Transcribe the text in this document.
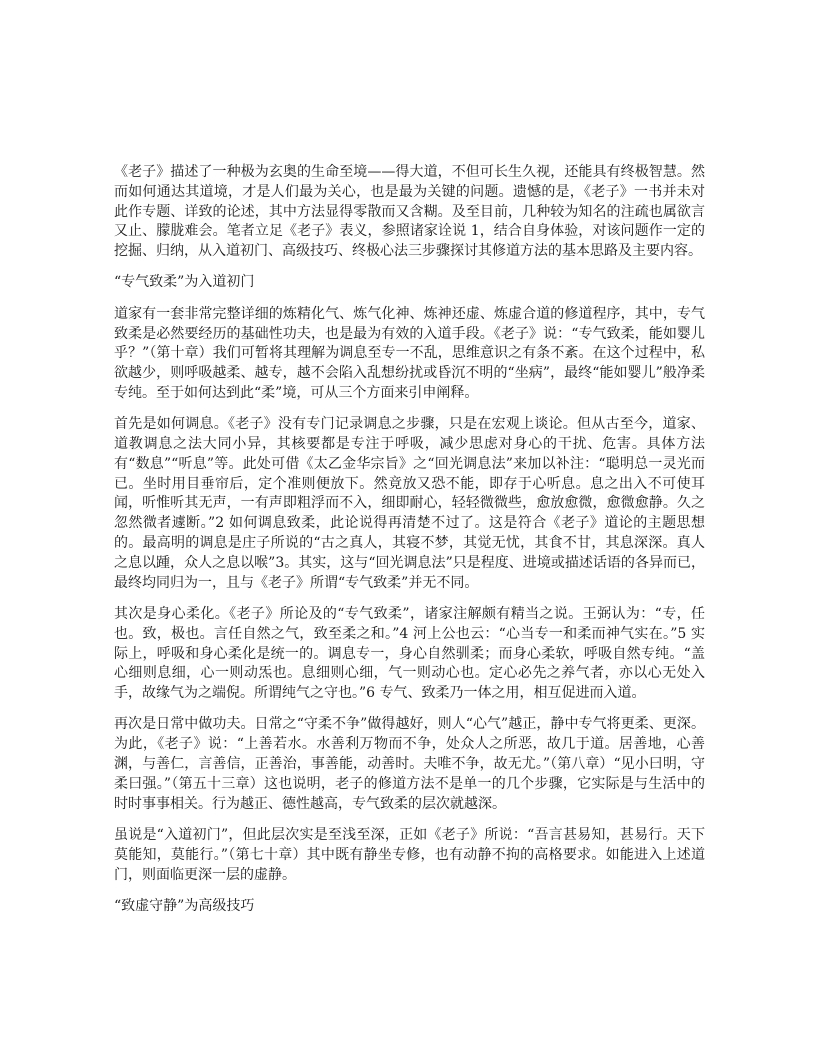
《老子》描述了一种极为玄奥的生命至境——得大道，不但可长生久视，还能具有终极智慧。然而如何通达其道境，才是人们最为关心，也是最为关键的问题。遗憾的是，《老子》一书并未对此作专题、详致的论述，其中方法显得零散而又含糊。及至目前，几种较为知名的注疏也属欲言又止、朦胧难会。笔者立足《老子》表义，参照诸家诠说 1，结合自身体验，对该问题作一定的挖掘、归纳，从入道初门、高级技巧、终极心法三步骤探讨其修道方法的基本思路及主要内容。

“专气致柔”为入道初门

道家有一套非常完整详细的炼精化气、炼气化神、炼神还虚、炼虚合道的修道程序，其中，专气致柔是必然要经历的基础性功夫，也是最为有效的入道手段。《老子》说：“专气致柔，能如婴儿乎？”（第十章）我们可暂将其理解为调息至专一不乱，思维意识之有条不紊。在这个过程中，私欲越少，则呼吸越柔、越专，越不会陷入乱想纷扰或昏沉不明的“坐病”，最终“能如婴儿”般净柔专纯。至于如何达到此“柔”境，可从三个方面来引申阐释。

首先是如何调息。《老子》没有专门记录调息之步骤，只是在宏观上谈论。但从古至今，道家、道教调息之法大同小异，其核要都是专注于呼吸，减少思虑对身心的干扰、危害。具体方法有“数息”“听息”等。此处可借《太乙金华宗旨》之“回光调息法”来加以补注：“聪明总一灵光而已。坐时用目垂帘后，定个准则便放下。然竟放又恐不能，即存于心听息。息之出入不可使耳闻，听惟听其无声，一有声即粗浮而不入，细即耐心，轻轻微微些，愈放愈微，愈微愈静。久之忽然微者遽断。”2 如何调息致柔，此论说得再清楚不过了。这是符合《老子》道论的主题思想的。最高明的调息是庄子所说的“古之真人，其寝不梦，其觉无忧，其食不甘，其息深深。真人之息以踵，众人之息以喉”3。其实，这与“回光调息法”只是程度、进境或描述话语的各异而已，最终均同归为一，且与《老子》所谓“专气致柔”并无不同。

其次是身心柔化。《老子》所论及的“专气致柔”，诸家注解颇有精当之说。王弼认为：“专，任也。致，极也。言任自然之气，致至柔之和。”4 河上公也云：“心当专一和柔而神气实在。”5 实际上，呼吸和身心柔化是统一的。调息专一，身心自然驯柔；而身心柔软，呼吸自然专纯。“盖心细则息细，心一则动炁也。息细则心细，气一则动心也。定心必先之养气者，亦以心无处入手，故缘气为之端倪。所谓纯气之守也。”6 专气、致柔乃一体之用，相互促进而入道。

再次是日常中做功夫。日常之“守柔不争”做得越好，则人“心气”越正，静中专气将更柔、更深。为此，《老子》说：“上善若水。水善利万物而不争，处众人之所恶，故几于道。居善地，心善渊，与善仁，言善信，正善治，事善能，动善时。夫唯不争，故无尤。”（第八章）“见小曰明，守柔曰强。”（第五十三章）这也说明，老子的修道方法不是单一的几个步骤，它实际是与生活中的时时事事相关。行为越正、德性越高，专气致柔的层次就越深。

虽说是“入道初门”，但此层次实是至浅至深，正如《老子》所说：“吾言甚易知，甚易行。天下莫能知，莫能行。”（第七十章）其中既有静坐专修，也有动静不拘的高格要求。如能进入上述道门，则面临更深一层的虚静。

“致虚守静”为高级技巧
